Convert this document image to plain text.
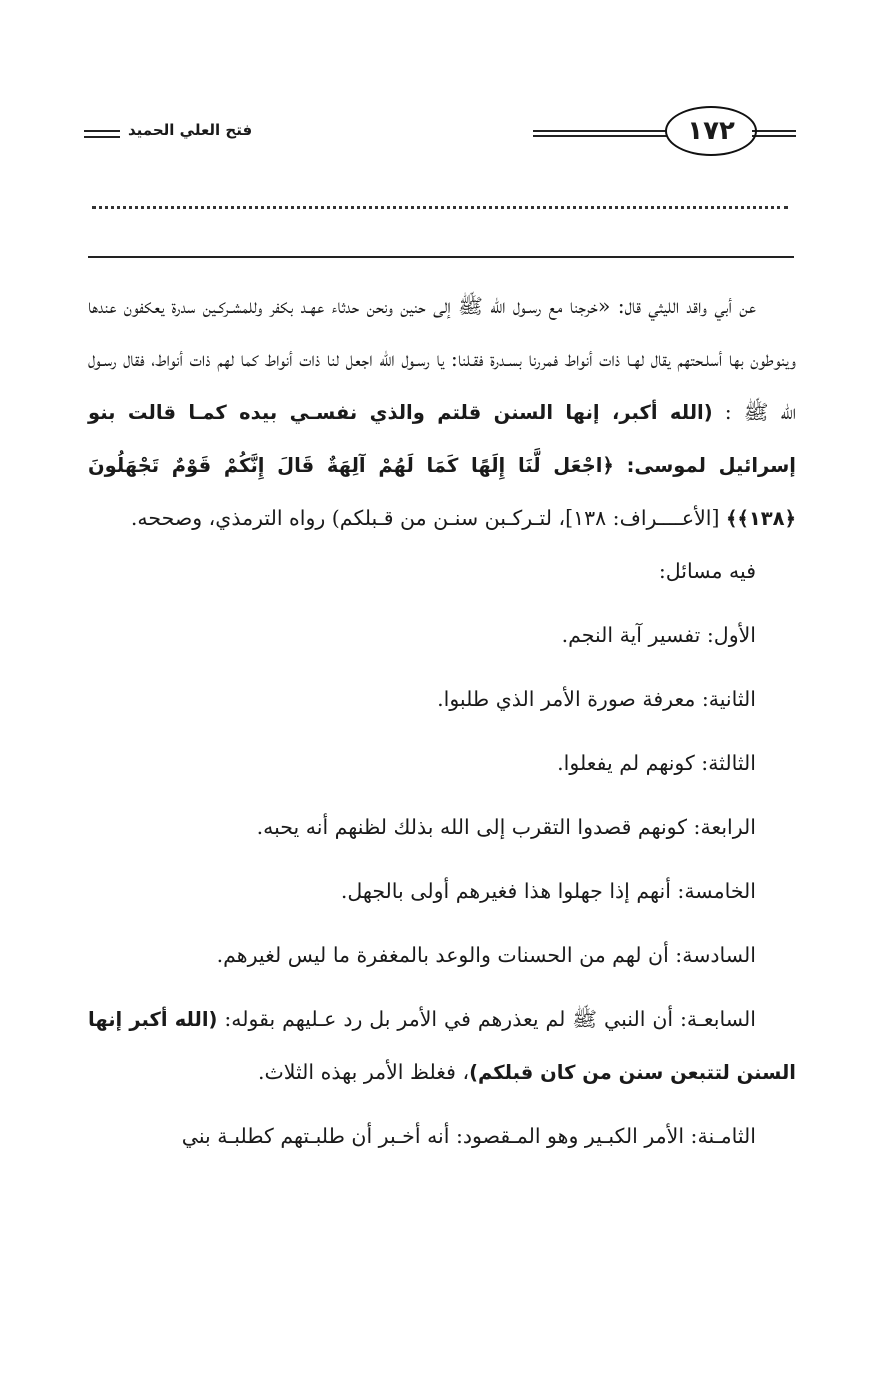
فتح العلي الحميد	١٧٢

عن أبي واقد الليثي قال: «خرجنا مع رسـول الله ﷺ إلى حنين ونحن حدثاء عهـد بكفر وللمشـركـين سدرة يعكفون عندها وينوطون بها أسلـحتهم يقال لهـا ذات أنواط فمررنا بسـدرة فقـلنا: يا رسـول الله اجعل لنا ذات أنواط كما لهم ذات أنواط، فقال رسـول الله ﷺ : (الله أكبر، إنها السنن قلتم والذي نفسـي بيده كمـا قالت بنو إسرائيل لموسى: ﴿اجْعَل لَّنَا إِلَهًا كَمَا لَهُمْ آلِهَةٌ قَالَ إِنَّكُمْ قَوْمٌ تَجْهَلُونَ ﴿١٣٨﴾﴾ [الأعــــراف: ١٣٨]، لتـركـبن سنـن من قـبلكم) رواه الترمذي، وصححه.

فيه مسائل:

الأول: تفسير آية النجم.

الثانية: معرفة صورة الأمر الذي طلبوا.

الثالثة: كونهم لم يفعلوا.

الرابعة: كونهم قصدوا التقرب إلى الله بذلك لظنهم أنه يحبه.

الخامسة: أنهم إذا جهلوا هذا فغيرهم أولى بالجهل.

السادسة: أن لهم من الحسنات والوعد بالمغفرة ما ليس لغيرهم.

السابعـة: أن النبي ﷺ لم يعذرهم في الأمر بل رد عـليهم بقوله: (الله أكبر إنها السنن لتتبعن سنن من كان قبلكم)، فغلظ الأمر بهذه الثلاث.

الثامـنة: الأمر الكبـير وهو المـقصود: أنه أخـبر أن طلبـتهم كطلبـة بني
